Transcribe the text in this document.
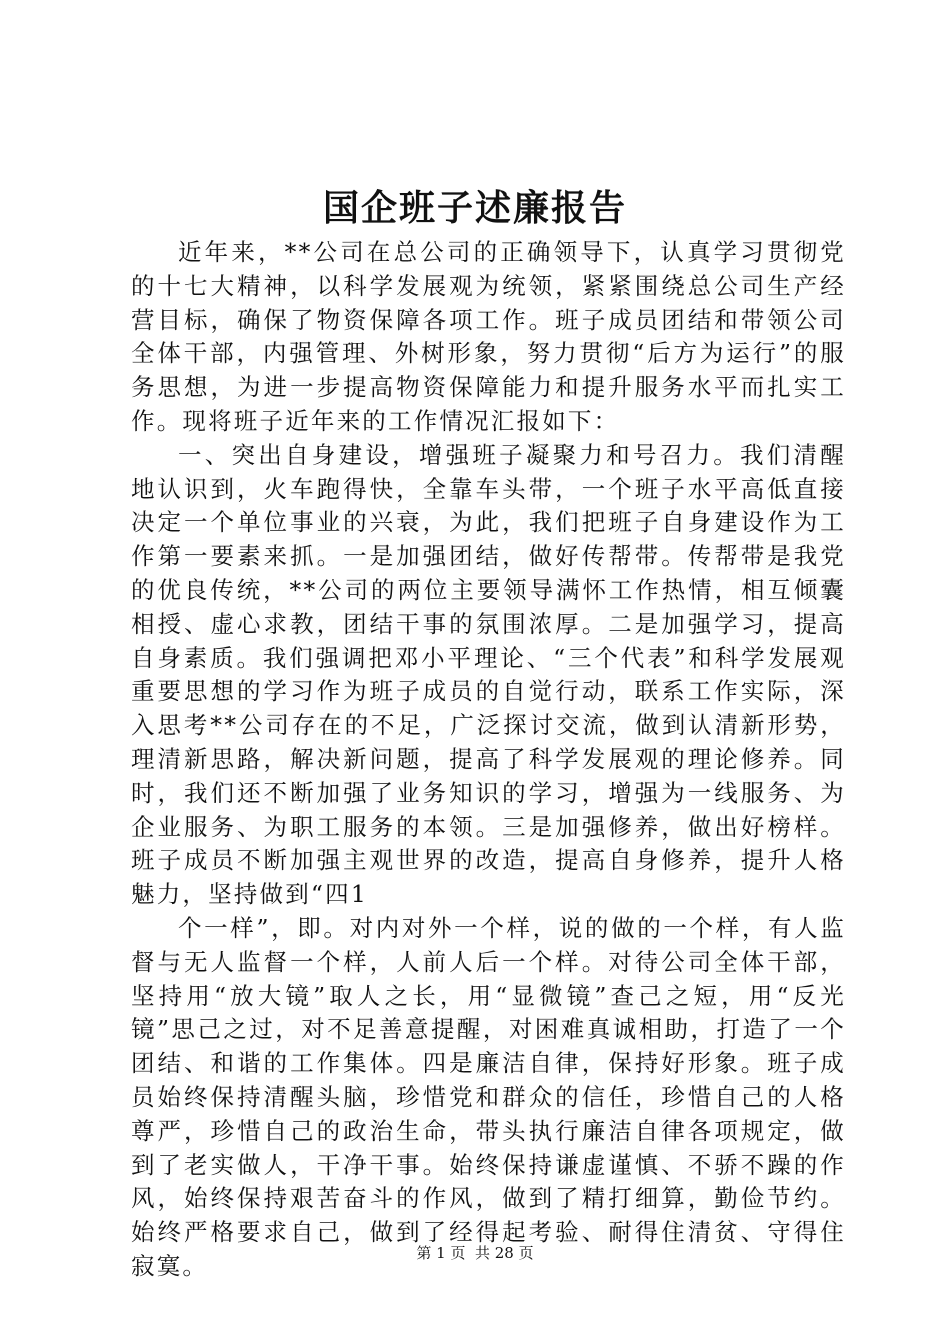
国企班子述廉报告

近年来，**公司在总公司的正确领导下，认真学习贯彻党的十七大精神，以科学发展观为统领，紧紧围绕总公司生产经营目标，确保了物资保障各项工作。班子成员团结和带领公司全体干部，内强管理、外树形象，努力贯彻“后方为运行”的服务思想，为进一步提高物资保障能力和提升服务水平而扎实工作。现将班子近年来的工作情况汇报如下：

一、突出自身建设，增强班子凝聚力和号召力。我们清醒地认识到，火车跑得快，全靠车头带，一个班子水平高低直接决定一个单位事业的兴衰，为此，我们把班子自身建设作为工作第一要素来抓。一是加强团结，做好传帮带。传帮带是我党的优良传统，**公司的两位主要领导满怀工作热情，相互倾囊相授、虚心求教，团结干事的氛围浓厚。二是加强学习，提高自身素质。我们强调把邓小平理论、“三个代表”和科学发展观重要思想的学习作为班子成员的自觉行动，联系工作实际，深入思考**公司存在的不足，广泛探讨交流，做到认清新形势，理清新思路，解决新问题，提高了科学发展观的理论修养。同时，我们还不断加强了业务知识的学习，增强为一线服务、为企业服务、为职工服务的本领。三是加强修养，做出好榜样。班子成员不断加强主观世界的改造，提高自身修养，提升人格魅力，坚持做到“四1

个一样”，即。对内对外一个样，说的做的一个样，有人监督与无人监督一个样，人前人后一个样。对待公司全体干部，坚持用“放大镜”取人之长，用“显微镜”查己之短，用“反光镜”思己之过，对不足善意提醒，对困难真诚相助，打造了一个团结、和谐的工作集体。四是廉洁自律，保持好形象。班子成员始终保持清醒头脑，珍惜党和群众的信任，珍惜自己的人格尊严，珍惜自己的政治生命，带头执行廉洁自律各项规定，做到了老实做人，干净干事。始终保持谦虚谨慎、不骄不躁的作风，始终保持艰苦奋斗的作风，做到了精打细算，勤俭节约。始终严格要求自己，做到了经得起考验、耐得住清贫、守得住寂寞。	第 1 页  共 28 页
